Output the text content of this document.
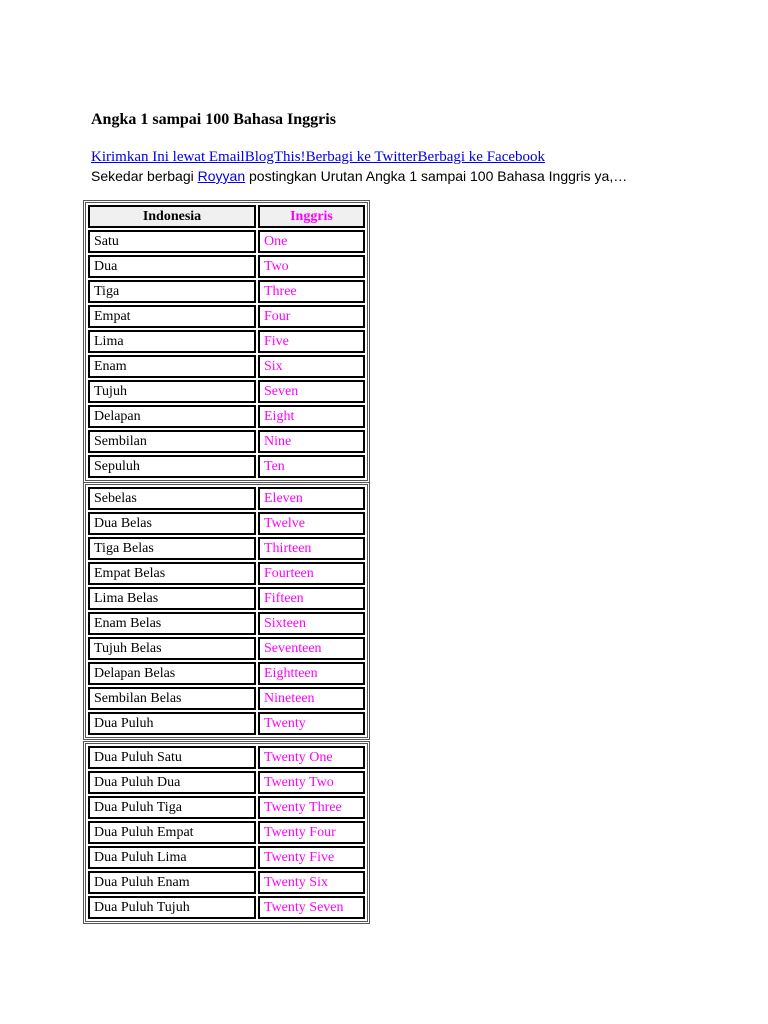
Angka 1 sampai 100 Bahasa Inggris
Kirimkan Ini lewat EmailBlogThis!Berbagi ke TwitterBerbagi ke Facebook
Sekedar berbagi Royyan postingkan Urutan Angka 1 sampai 100 Bahasa Inggris ya,…
Indonesia	Inggris
Satu	One
Dua	Two
Tiga	Three
Empat	Four
Lima	Five
Enam	Six
Tujuh	Seven
Delapan	Eight
Sembilan	Nine
Sepuluh	Ten
Sebelas	Eleven
Dua Belas	Twelve
Tiga Belas	Thirteen
Empat Belas	Fourteen
Lima Belas	Fifteen
Enam Belas	Sixteen
Tujuh Belas	Seventeen
Delapan Belas	Eightteen
Sembilan Belas	Nineteen
Dua Puluh	Twenty
Dua Puluh Satu	Twenty One
Dua Puluh Dua	Twenty Two
Dua Puluh Tiga	Twenty Three
Dua Puluh Empat	Twenty Four
Dua Puluh Lima	Twenty Five
Dua Puluh Enam	Twenty Six
Dua Puluh Tujuh	Twenty Seven
